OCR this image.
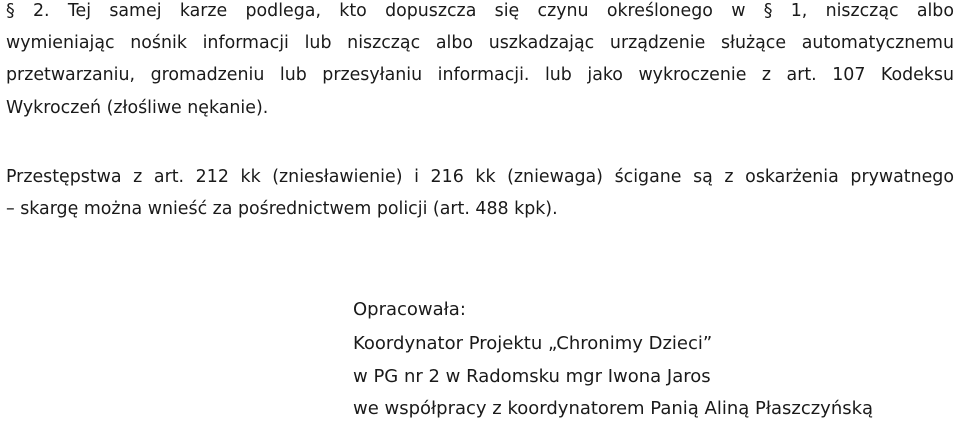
§ 2. Tej samej karze podlega, kto dopuszcza się czynu określonego w § 1, niszcząc albo
wymieniając nośnik informacji lub niszcząc albo uszkadzając urządzenie służące automatycznemu
przetwarzaniu, gromadzeniu lub przesyłaniu informacji. lub jako wykroczenie z art. 107 Kodeksu
Wykroczeń (złośliwe nękanie).
Przestępstwa z art. 212 kk (zniesławienie) i 216 kk (zniewaga) ścigane są z oskarżenia prywatnego
– skargę można wnieść za pośrednictwem policji (art. 488 kpk).
Opracowała:
Koordynator Projektu „Chronimy Dzieci”
w PG nr 2 w Radomsku mgr Iwona Jaros
we współpracy z koordynatorem Panią Aliną Płaszczyńską
